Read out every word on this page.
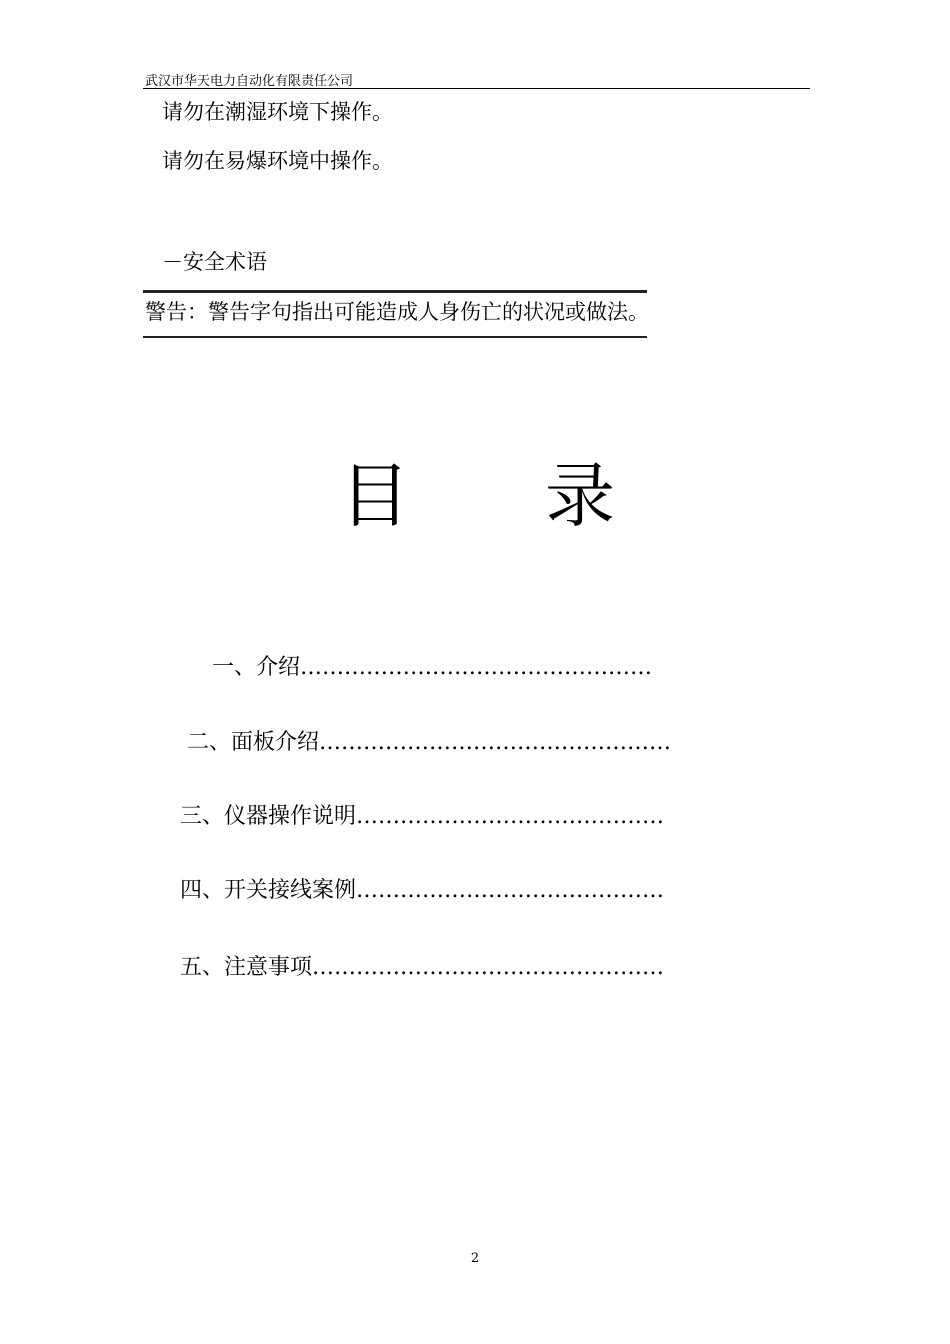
武汉市华天电力自动化有限责任公司
请勿在潮湿环境下操作。
请勿在易爆环境中操作。
－安全术语
警告：警告字句指出可能造成人身伤亡的状况或做法。
目 录
一、介绍…………………………………………
二、面板介绍…………………………………………
三、仪器操作说明……………………………………
四、开关接线案例……………………………………
五、注意事项…………………………………………
2
